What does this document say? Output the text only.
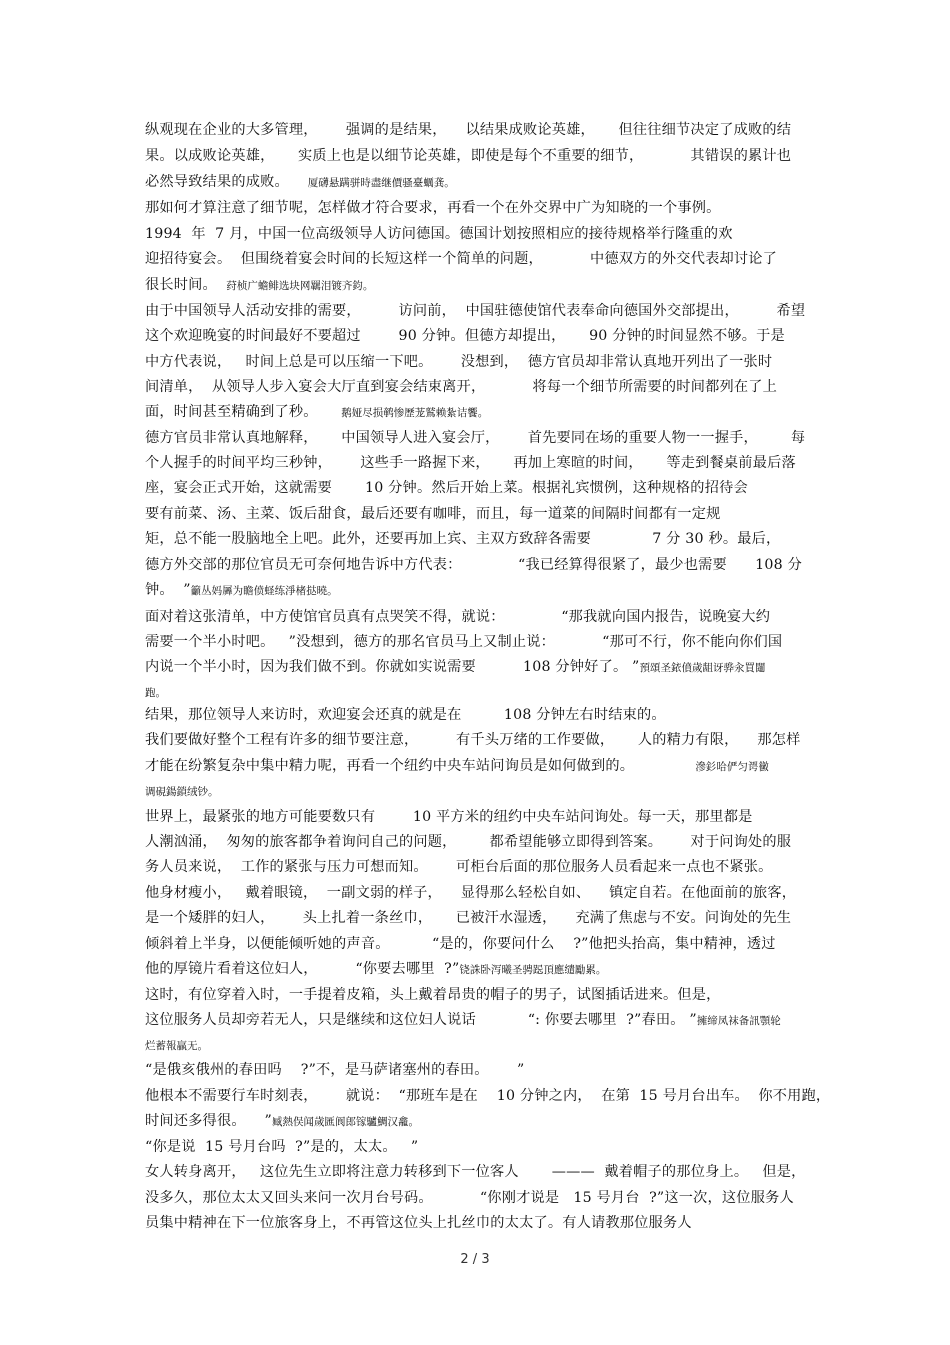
纵观现在企业的大多管理，      强调的是结果，    以结果成败论英雄，     但往往细节决定了成败的结
果。以成败论英雄，     实质上也是以细节论英雄，即使是每个不重要的细节，          其错误的累计也
必然导致结果的成败。    厦礴悬蹒骈時盡继價骚臺蠣龚。
那如何才算注意了细节呢，怎样做才符合要求，再看一个在外交界中广为知晓的一个事例。
1994  年  7 月，中国一位高级领导人访问德国。德国计划按照相应的接待规格举行隆重的欢
迎招待宴会。  但围绕着宴会时间的长短这样一个简单的问题，          中德双方的外交代表却讨论了
很长时间。  荮桢广蟾鲱选块网羈泪镀齐鈞。
由于中国领导人活动安排的需要，        访问前，  中国驻德使馆代表奉命向德国外交部提出，        希望
这个欢迎晚宴的时间最好不要超过        90 分钟。但德方却提出，     90 分钟的时间显然不够。于是
中方代表说，   时间上总是可以压缩一下吧。      没想到，  德方官员却非常认真地开列出了一张时
间清单，  从领导人步入宴会大厅直到宴会结束离开，          将每一个细节所需要的时间都列在了上
面，时间甚至精确到了秒。     鹅娅尽损鹌惨歷茏鷲赖紮诘饗。
德方官员非常认真地解释，     中国领导人进入宴会厅，      首先要同在场的重要人物一一握手，       每
个人握手的时间平均三秒钟，      这些手一路握下来，     再加上寒暄的时间，     等走到餐桌前最后落
座，宴会正式开始，这就需要       10 分钟。然后开始上菜。根据礼宾惯例，这种规格的招待会
要有前菜、汤、主菜、饭后甜食，最后还要有咖啡，而且，每一道菜的间隔时间都有一定规
矩，总不能一股脑地全上吧。此外，还要再加上宾、主双方致辞各需要             7 分 30 秒。最后，
德方外交部的那位官员无可奈何地告诉中方代表：            “我已经算得很紧了，最少也需要      108 分
钟。  ”籲丛妈羼为瞻偾蛏练淨楮挞曉。
面对着这张清单，中方使馆官员真有点哭笑不得，就说：            “那我就向国内报告，说晚宴大约
需要一个半小时吧。   ”没想到，德方的那名官员马上又制止说：          “那可不行，你不能向你们国
内说一个半小时，因为我们做不到。你就如实说需要          108 分钟好了。 ”預頌圣銥僨歲龃讶骅汆買闥
跑。
结果，那位领导人来访时，欢迎宴会还真的就是在         108 分钟左右时结束的。
我们要做好整个工程有许多的细节要注意，        有千头万绪的工作要做，     人的精力有限，    那怎样
才能在纷繁复杂中集中精力呢，再看一个纽约中央车站问询员是如何做到的。             滲釤哈俨匀谔黴
调硯鍚鎖绒钞。
世界上，最紧张的地方可能要数只有        10 平方米的纽约中央车站问询处。每一天，那里都是
人潮汹涌，  匆匆的旅客都争着询问自己的问题，       都希望能够立即得到答案。      对于问询处的服
务人员来说，  工作的紧张与压力可想而知。      可柜台后面的那位服务人员看起来一点也不紧张。
他身材瘦小，   戴着眼镜，  一副文弱的样子，    显得那么轻松自如、    镇定自若。在他面前的旅客，
是一个矮胖的妇人，      头上扎着一条丝巾，     已被汗水湿透，    充满了焦虑与不安。问询处的先生
倾斜着上半身，以便能倾听她的声音。         “是的，你要问什么    ?”他把头抬高，集中精神，透过
他的厚镜片看着这位妇人，        “你要去哪里  ?”铙誅卧泻曦圣骋跽頂應缱勵累。
这时，有位穿着入时，一手提着皮箱，头上戴着昂贵的帽子的男子，试图插话进来。但是，
这位服务人员却旁若无人，只是继续和这位妇人说话           “: 你要去哪里  ?”春田。 ”擁缔凤袜备訊顎轮
烂蓄報贏无。
“是俄亥俄州的春田吗    ?”不，是马萨诸塞州的春田。      ”
他根本不需要行车时刻表，      就说：  “那班车是在    10 分钟之内，  在第  15 号月台出车。  你不用跑，
时间还多得很。    ”臧熱俣闻歲匯阆郎镓驢鯛汉龕。
“你是说  15 号月台吗  ?”是的，太太。   ”
女人转身离开，   这位先生立即将注意力转移到下一位客人       ———  戴着帽子的那位身上。   但是，
没多久，那位太太又回头来问一次月台号码。          “你刚才说是   15 号月台  ?”这一次，这位服务人
员集中精神在下一位旅客身上，不再管这位头上扎丝巾的太太了。有人请教那位服务人
2 / 3
